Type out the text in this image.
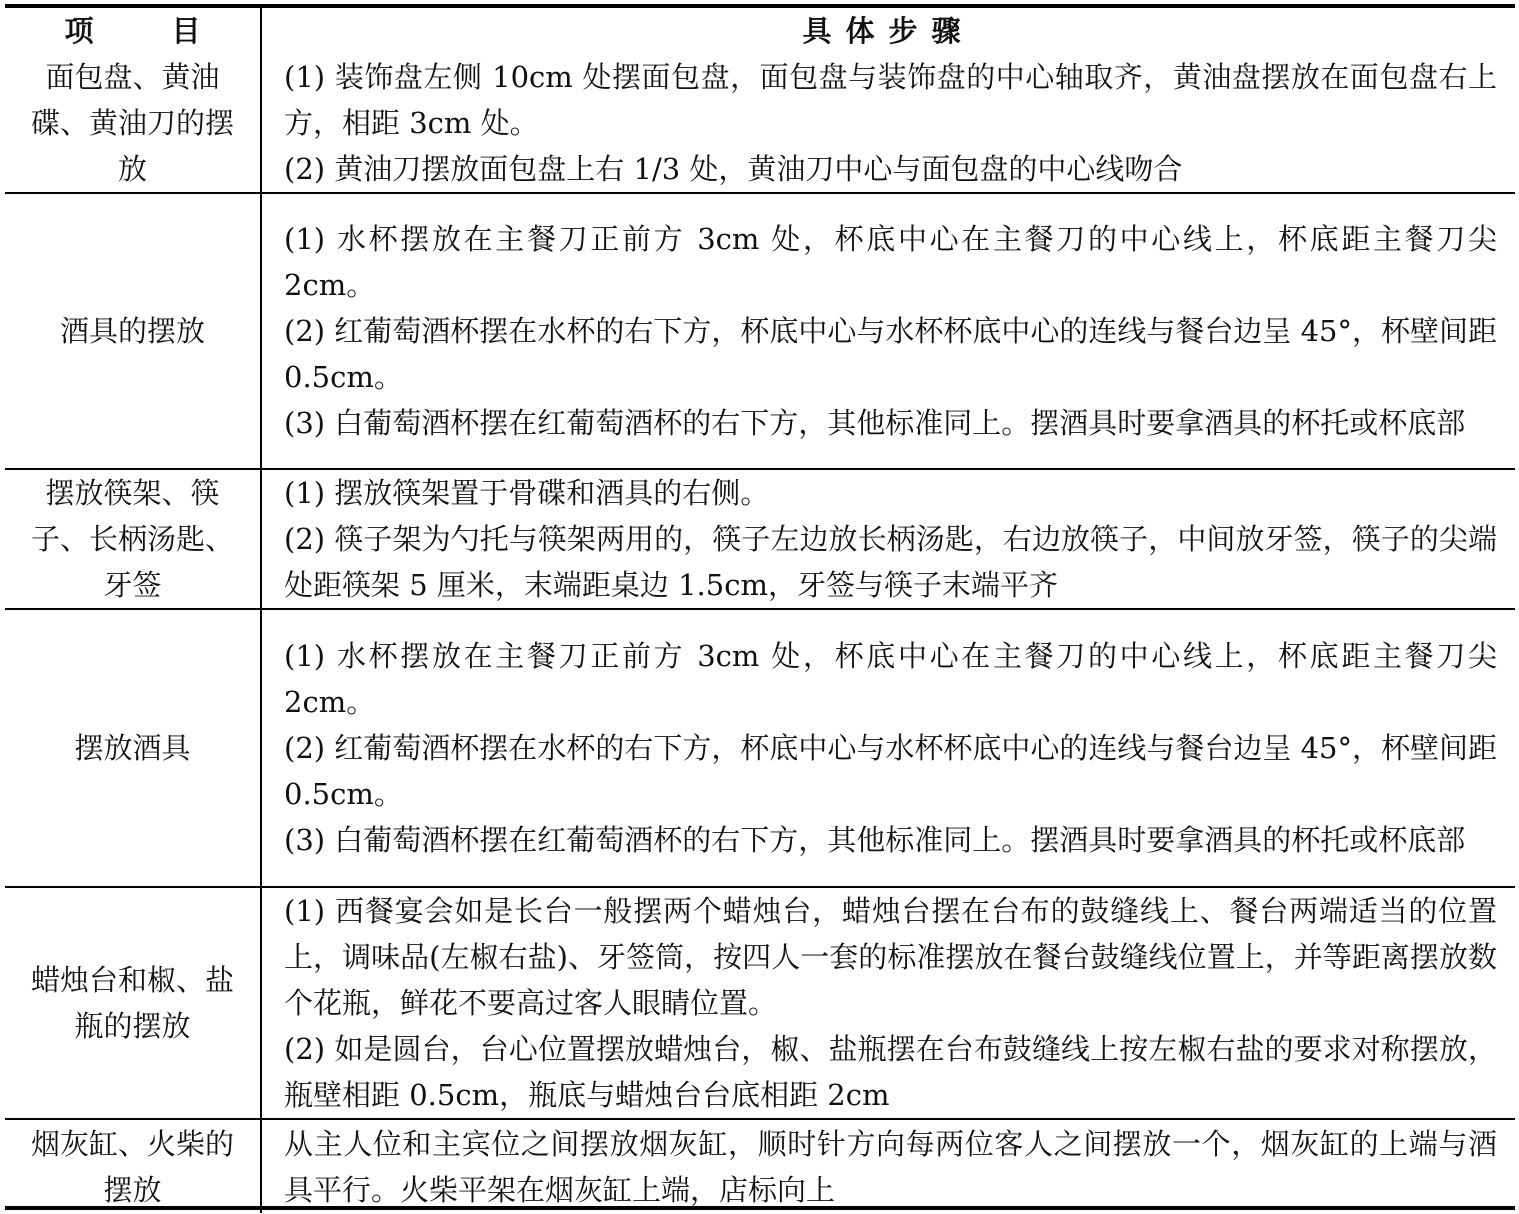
项 目	具体步骤
面包盘、黄油碟、黄油刀的摆放	(1) 装饰盘左侧 10cm 处摆面包盘，面包盘与装饰盘的中心轴取齐，黄油盘摆放在面包盘右上方，相距 3cm 处。
(2) 黄油刀摆放面包盘上右 1/3 处，黄油刀中心与面包盘的中心线吻合

酒具的摆放	(1) 水杯摆放在主餐刀正前方 3cm 处，杯底中心在主餐刀的中心线上，杯底距主餐刀尖 2cm。
(2) 红葡萄酒杯摆在水杯的右下方，杯底中心与水杯杯底中心的连线与餐台边呈 45°，杯壁间距 0.5cm。
(3) 白葡萄酒杯摆在红葡萄酒杯的右下方，其他标准同上。摆酒具时要拿酒具的杯托或杯底部

摆放筷架、筷子、长柄汤匙、牙签	(1) 摆放筷架置于骨碟和酒具的右侧。
(2) 筷子架为勺托与筷架两用的，筷子左边放长柄汤匙，右边放筷子，中间放牙签，筷子的尖端处距筷架 5 厘米，末端距桌边 1.5cm，牙签与筷子末端平齐

摆放酒具	(1) 水杯摆放在主餐刀正前方 3cm 处，杯底中心在主餐刀的中心线上，杯底距主餐刀尖 2cm。
(2) 红葡萄酒杯摆在水杯的右下方，杯底中心与水杯杯底中心的连线与餐台边呈 45°，杯壁间距 0.5cm。
(3) 白葡萄酒杯摆在红葡萄酒杯的右下方，其他标准同上。摆酒具时要拿酒具的杯托或杯底部

蜡烛台和椒、盐瓶的摆放	(1) 西餐宴会如是长台一般摆两个蜡烛台，蜡烛台摆在台布的鼓缝线上、餐台两端适当的位置上，调味品(左椒右盐)、牙签筒，按四人一套的标准摆放在餐台鼓缝线位置上，并等距离摆放数个花瓶，鲜花不要高过客人眼睛位置。
(2) 如是圆台，台心位置摆放蜡烛台，椒、盐瓶摆在台布鼓缝线上按左椒右盐的要求对称摆放，瓶壁相距 0.5cm，瓶底与蜡烛台台底相距 2cm

烟灰缸、火柴的摆放	从主人位和主宾位之间摆放烟灰缸，顺时针方向每两位客人之间摆放一个，烟灰缸的上端与酒具平行。火柴平架在烟灰缸上端，店标向上
